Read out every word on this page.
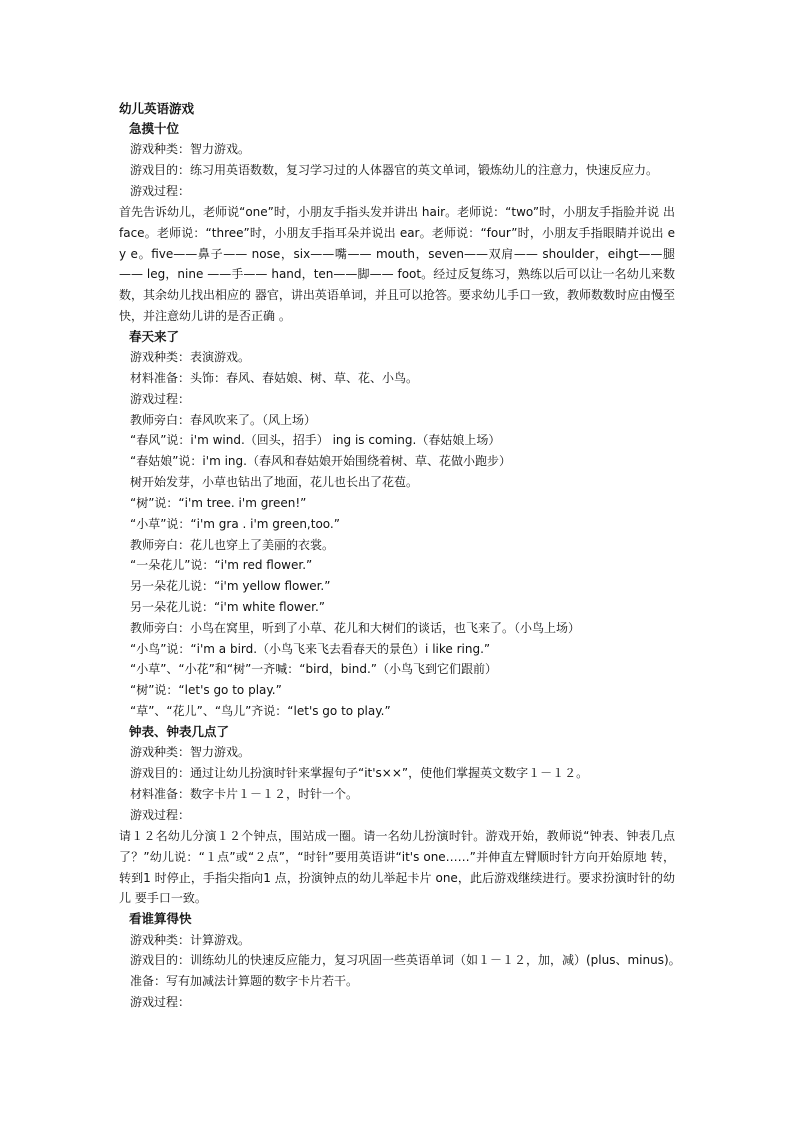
幼儿英语游戏
急摸十位
游戏种类：智力游戏。
游戏目的：练习用英语数数，复习学习过的人体器官的英文单词，锻炼幼儿的注意力，快速反应力。
游戏过程：
首先告诉幼儿，老师说“one”时，小朋友手指头发并讲出 hair。老师说：“two”时，小朋友手指脸并说 出 face。老师说：“three”时，小朋友手指耳朵并说出 ear。老师说：“four”时，小朋友手指眼睛并说出 ey e。five——鼻子—— nose，six——嘴—— mouth，seven——双肩—— shoulder，eihgt——腿—— leg，nine ——手—— hand，ten——脚—— foot。经过反复练习，熟练以后可以让一名幼儿来数数，其余幼儿找出相应的 器官，讲出英语单词，并且可以抢答。要求幼儿手口一致，教师数数时应由慢至快，并注意幼儿讲的是否正确 。
春天来了
游戏种类：表演游戏。
材料准备：头饰：春风、春姑娘、树、草、花、小鸟。
游戏过程：
教师旁白：春风吹来了。（风上场）
“春风”说：i'm wind.（回头，招手） ing is coming.（春姑娘上场）
“春姑娘”说：i'm ing.（春风和春姑娘开始围绕着树、草、花做小跑步）
树开始发芽，小草也钻出了地面，花儿也长出了花苞。
“树”说：“i'm tree. i'm green!”
“小草”说：“i'm gra . i'm green,too.”
教师旁白：花儿也穿上了美丽的衣裳。
“一朵花儿”说：“i'm red flower.”
另一朵花儿说：“i'm yellow flower.”
另一朵花儿说：“i'm white flower.”
教师旁白：小鸟在窝里，听到了小草、花儿和大树们的谈话，也飞来了。（小鸟上场）
“小鸟”说：“i'm a bird.（小鸟飞来飞去看春天的景色）i like ring.”
“小草”、“小花”和“树”一齐喊：“bird，bind.”（小鸟飞到它们跟前）
“树”说：“let's go to play.”
“草”、“花儿”、“鸟儿”齐说：“let's go to play.”
钟表、钟表几点了
游戏种类：智力游戏。
游戏目的：通过让幼儿扮演时针来掌握句子“it's××”，使他们掌握英文数字１－１２。
材料准备：数字卡片１－１２，时针一个。
游戏过程：
请１２名幼儿分演１２个钟点，围站成一圈。请一名幼儿扮演时针。游戏开始，教师说“钟表、钟表几点了？”幼儿说：“１点”或“２点”，“时针”要用英语讲“it's one……”并伸直左臂顺时针方向开始原地 转，转到1 时停止，手指尖指向1 点，扮演钟点的幼儿举起卡片 one，此后游戏继续进行。要求扮演时针的幼儿 要手口一致。
看谁算得快
游戏种类：计算游戏。
游戏目的：训练幼儿的快速反应能力，复习巩固一些英语单词（如１－１２，加，减）(plus、minus)。
准备：写有加减法计算题的数字卡片若干。
游戏过程：
